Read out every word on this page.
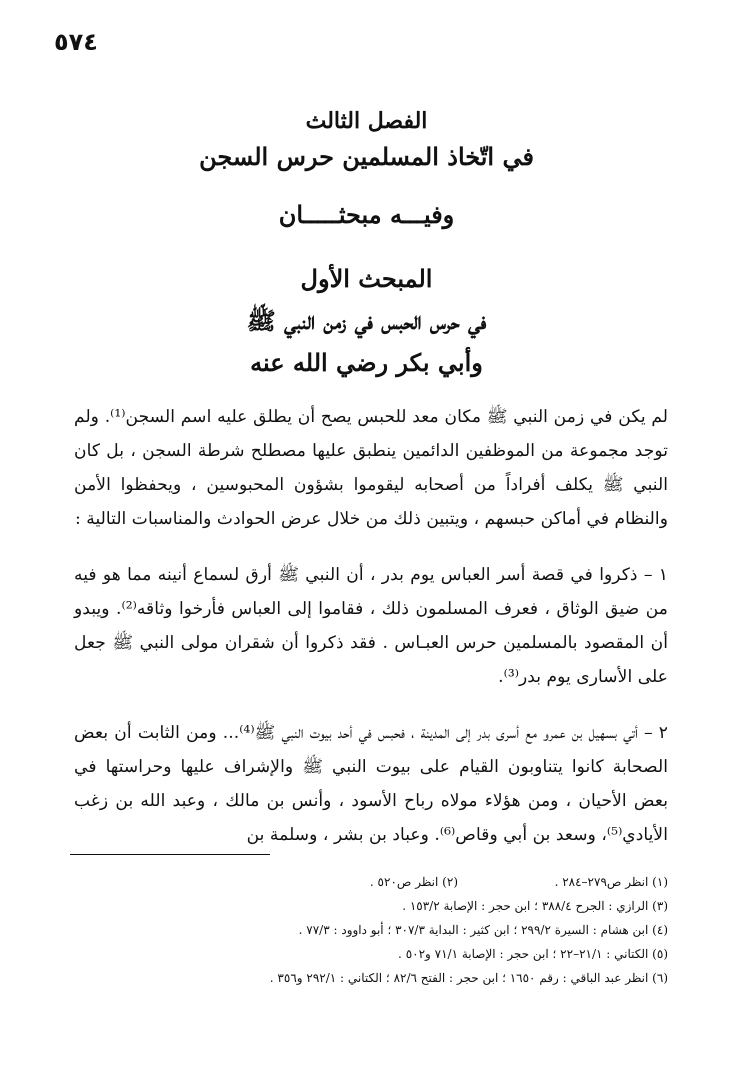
٥٧٤
الفصل الثالث
في اتّخاذ المسلمين حرس السجن
وفيـــه مبحثـــــان
المبحث الأول
في حرس الحبس في زمن النبي ﷺ
وأبي بكر رضي الله عنه

لم يكن في زمن النبي ﷺ مكان معد للحبس يصح أن يطلق عليه اسم السجن⁽¹⁾. ولم توجد مجموعة من الموظفين الدائمين ينطبق عليها مصطلح شرطة السجن ، بل كان النبي ﷺ يكلف أفراداً من أصحابه ليقوموا بشؤون المحبوسين ، ويحفظوا الأمن والنظام في أماكن حبسهم ، ويتبين ذلك من خلال عرض الحوادث والمناسبات التالية :

١ – ذكروا في قصة أسر العباس يوم بدر ، أن النبي ﷺ أرق لسماع أنينه مما هو فيه من ضيق الوثاق ، فعرف المسلمون ذلك ، فقاموا إلى العباس فأرخوا وثاقه⁽²⁾. ويبدو أن المقصود بالمسلمين حرس العبـاس . فقد ذكروا أن شقران مولى النبي ﷺ جعل على الأسارى يوم بدر⁽³⁾.

٢ – أتي بسهيل بن عمرو مع أسرى بدر إلى المدينة ، فحبس في أحد بيوت النبي ﷺ⁽⁴⁾... ومن الثابت أن بعض الصحابة كانوا يتناوبون القيام على بيوت النبي ﷺ والإشراف عليها وحراستها في بعض الأحيان ، ومن هؤلاء مولاه رباح الأسود ، وأنس بن مالك ، وعبد الله بن زغب الأيادي⁽⁵⁾، وسعد بن أبي وقاص⁽⁶⁾. وعباد بن بشر ، وسلمة بن

(١) انظر ص٢٧٩–٢٨٤ .(٢) انظر ص٥٢٠ .
(٣) الرازي : الجرح ٣٨٨/٤ ؛ ابن حجر : الإصابة ١٥٣/٢ .
(٤) ابن هشام : السيرة ٢٩٩/٢ ؛ ابن كثير : البداية ٣٠٧/٣ ؛ أبو داوود : ٧٧/٣ .
(٥) الكتاني : ٢١/١–٢٢ ؛ ابن حجر : الإصابة ٧١/١ و٥٠٢ .
(٦) انظر عبد الباقي : رقم ١٦٥٠ ؛ ابن حجر : الفتح ٨٢/٦ ؛ الكتاني : ٢٩٢/١ و٣٥٦ .
